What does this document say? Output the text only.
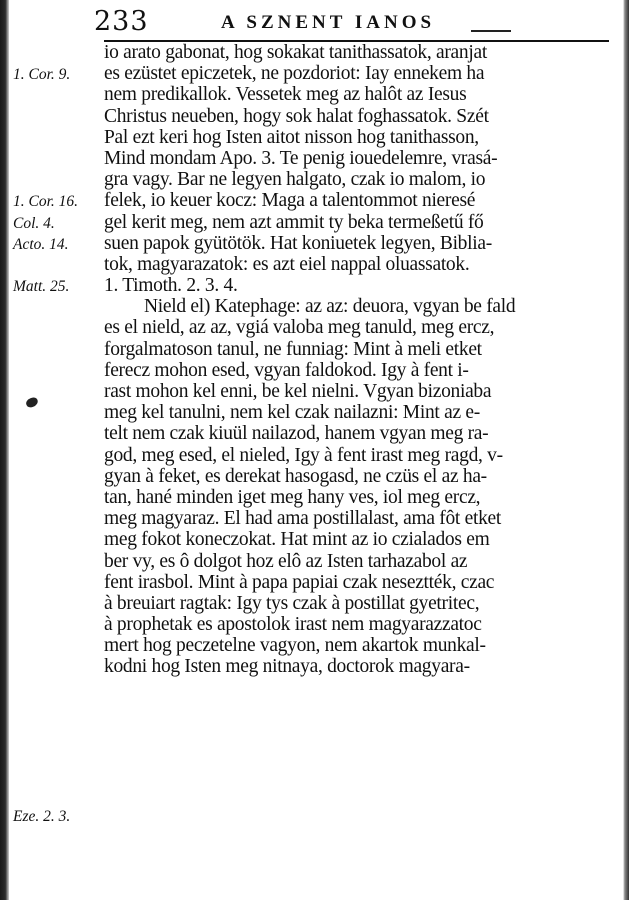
233	A SZNENT IANOS
1. Cor. 9.
1. Cor. 16.
Col. 4.
Acto. 14.
Matt. 25.
Eze. 2. 3.
io arato gabonat, hog sokakat tanithassatok, aranjat
es ezüstet epiczetek, ne pozdoriot: Iay ennekem ha
nem predikallok. Vessetek meg az halôt az Iesus
Christus neueben, hogy sok halat foghassatok. Szét
Pal ezt keri hog Isten aitot nisson hog tanithasson,
Mind mondam Apo. 3. Te penig iouedelemre, vrasá-
gra vagy. Bar ne legyen halgato, czak io malom, io
felek, io keuer kocz: Maga a talentommot nieresé
gel kerit meg, nem azt ammit ty beka termeßetű fő
suen papok gyütötök. Hat koniuetek legyen, Biblia-
tok, magyarazatok: es azt eiel nappal oluassatok.
1. Timoth. 2. 3. 4.
Nield el) Katephage: az az: deuora, vgyan be fald
es el nield, az az, vgiá valoba meg tanuld, meg ercz,
forgalmatoson tanul, ne funniag: Mint à meli etket
ferecz mohon esed, vgyan faldokod. Igy à fent i-
rast mohon kel enni, be kel nielni. Vgyan bizoniaba
meg kel tanulni, nem kel czak nailazni: Mint az e-
telt nem czak kiuül nailazod, hanem vgyan meg ra-
god, meg esed, el nieled, Igy à fent irast meg ragd, v-
gyan à feket, es derekat hasogasd, ne czüs el az ha-
tan, hané minden iget meg hany ves, iol meg ercz,
meg magyaraz. El had ama postillalast, ama fôt etket
meg fokot koneczokat. Hat mint az io czialados em
ber vy, es ô dolgot hoz elô az Isten tarhazabol az
fent irasbol. Mint à papa papiai czak neseztték, czac
à breuiart ragtak: Igy tys czak à postillat gyetritec,
à prophetak es apostolok irast nem magyarazzatoc
mert hog peczetelne vagyon, nem akartok munkal-
kodni hog Isten meg nitnaya, doctorok magyara-
